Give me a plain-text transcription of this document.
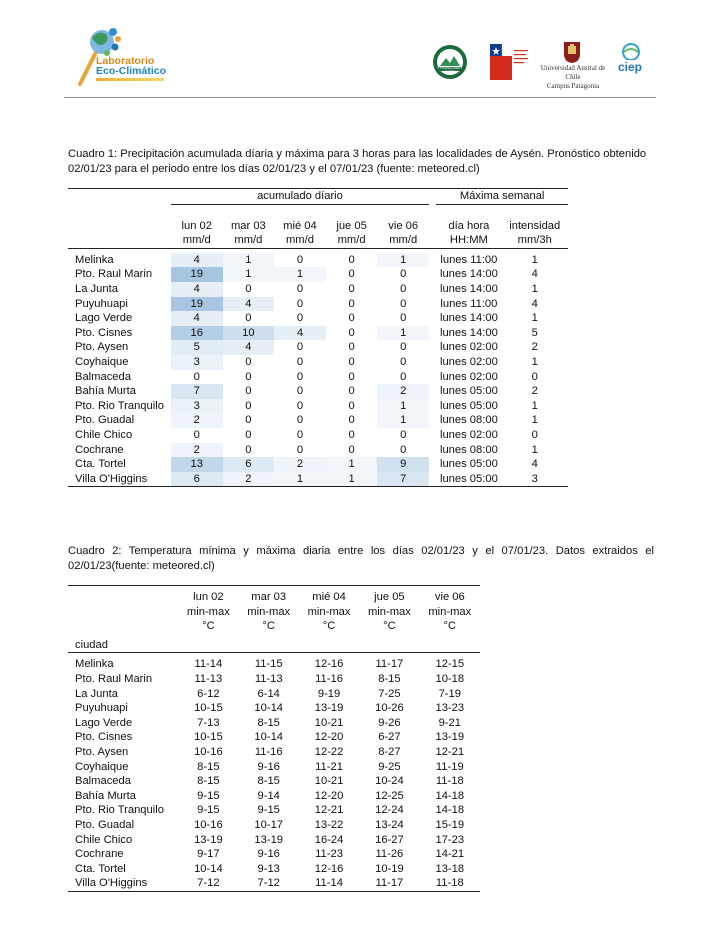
Laboratorio
Eco-Climático	PATAGONIA AYSEN	Universidad Austral de Chile
Campus Patagonia
ciep
Cuadro 1: Precipitación acumulada díaria y máxima para 3 horas para las localidades de Aysén. Pronóstico obtenido 02/01/23 para el periodo entre los días 02/01/23 y el 07/01/23 (fuente: meteored.cl)

	acumulado díario						Máxima semanal	

	lun 02	mar 03	mié 04	jue 05	vie 06		día hora	intensidad
	mm/d	mm/d	mm/d	mm/d	mm/d		HH:MM	mm/3h

Melinka	4	1	0	0	1		lunes 11:00	1
Pto. Raul Marin	19	1	1	0	0		lunes 14:00	4
La Junta	4	0	0	0	0		lunes 14:00	1
Puyuhuapi	19	4	0	0	0		lunes 11:00	4
Lago Verde	4	0	0	0	0		lunes 14:00	1
Pto. Cisnes	16	10	4	0	1		lunes 14:00	5
Pto. Aysen	5	4	0	0	0		lunes 02:00	2
Coyhaique	3	0	0	0	0		lunes 02:00	1
Balmaceda	0	0	0	0	0		lunes 02:00	0
Bahía Murta	7	0	0	0	2		lunes 05:00	2
Pto. Rio Tranquilo	3	0	0	0	1		lunes 05:00	1
Pto. Guadal	2	0	0	0	1		lunes 08:00	1
Chile Chico	0	0	0	0	0		lunes 02:00	0
Cochrane	2	0	0	0	0		lunes 08:00	1
Cta. Tortel	13	6	2	1	9		lunes 05:00	4
Villa O'Higgins	6	2	1	1	7		lunes 05:00	3

Cuadro 2: Temperatura mínima y máxima diaria entre los días 02/01/23 y el 07/01/23. Datos extraidos el 02/01/23(fuente: meteored.cl)

	lun 02	mar 03	mié 04	jue 05	vie 06
	min-max	min-max	min-max	min-max	min-max
	°C	°C	°C	°C	°C
ciudad					

Melinka	11-14	11-15	12-16	11-17	12-15
Pto. Raul Marin	11-13	11-13	11-16	8-15	10-18
La Junta	6-12	6-14	9-19	7-25	7-19
Puyuhuapi	10-15	10-14	13-19	10-26	13-23
Lago Verde	7-13	8-15	10-21	9-26	9-21
Pto. Cisnes	10-15	10-14	12-20	6-27	13-19
Pto. Aysen	10-16	11-16	12-22	8-27	12-21
Coyhaique	8-15	9-16	11-21	9-25	11-19
Balmaceda	8-15	8-15	10-21	10-24	11-18
Bahía Murta	9-15	9-14	12-20	12-25	14-18
Pto. Rio Tranquilo	9-15	9-15	12-21	12-24	14-18
Pto. Guadal	10-16	10-17	13-22	13-24	15-19
Chile Chico	13-19	13-19	16-24	16-27	17-23
Cochrane	9-17	9-16	11-23	11-26	14-21
Cta. Tortel	10-14	9-13	12-16	10-19	13-18
Villa O'Higgins	7-12	7-12	11-14	11-17	11-18
